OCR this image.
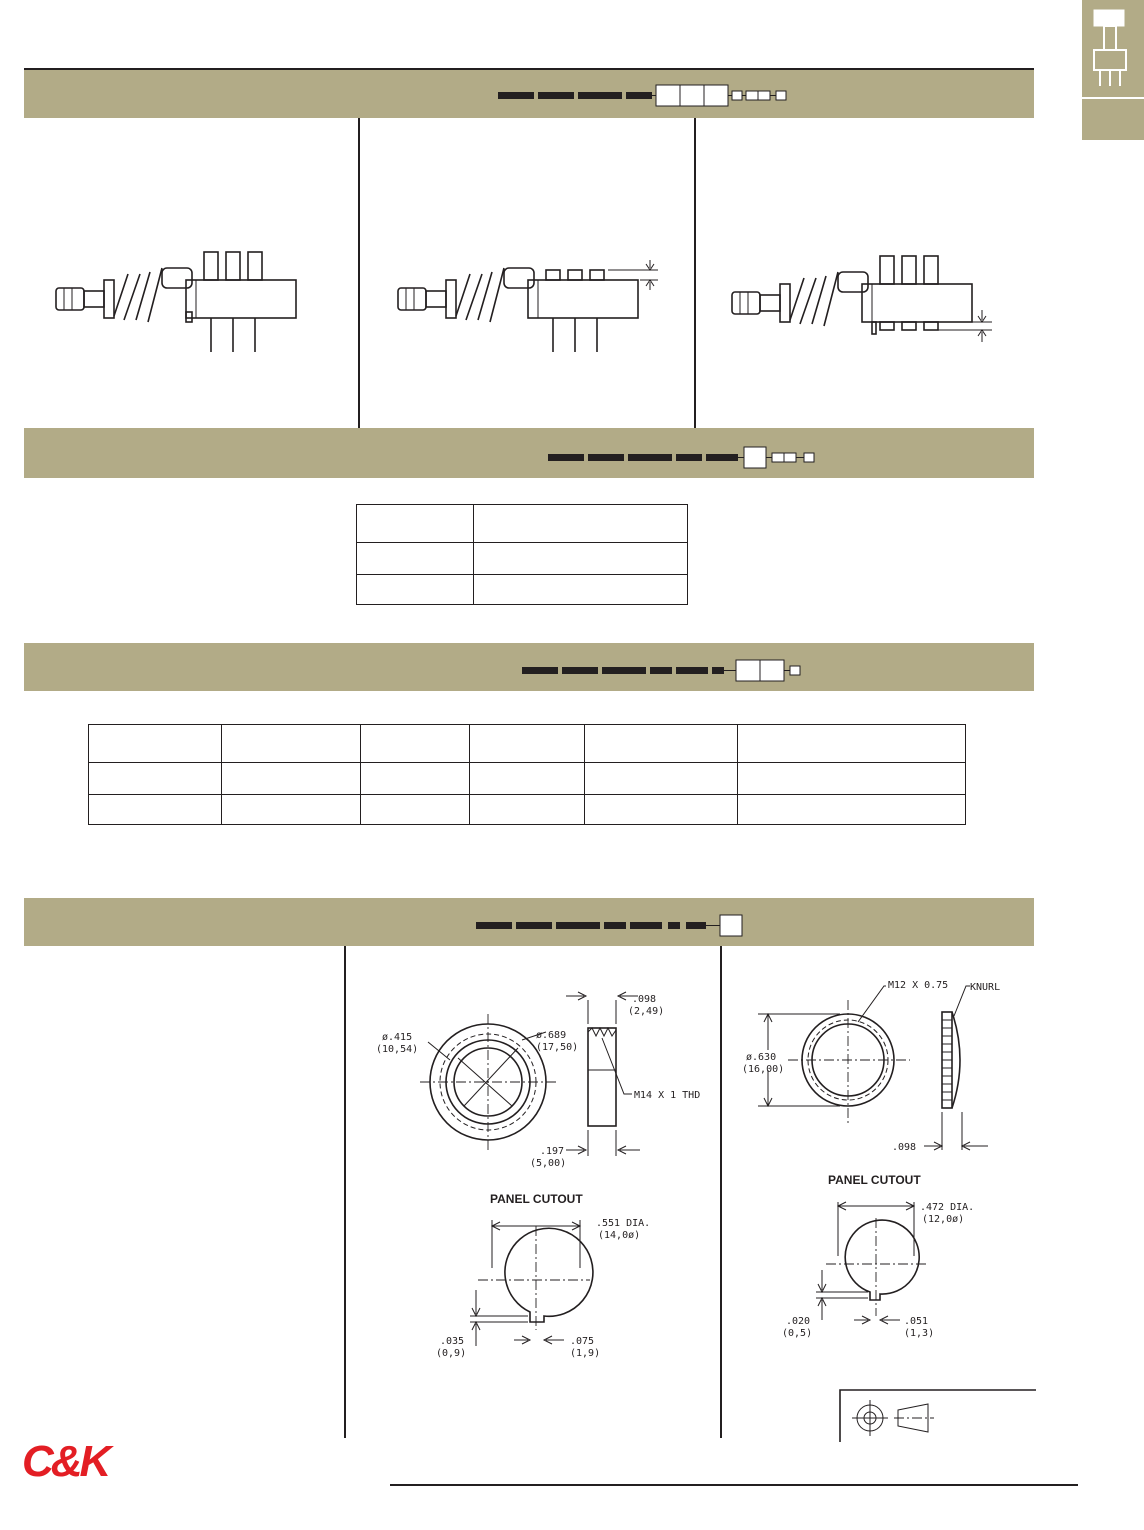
ø.415
(10,54)
ø.689
(17,50)
.098
(2,49)
M14 X 1 THD
.197
(5,00)
PANEL CUTOUT
.551 DIA.
(14,0ø)
.035
(0,9)
.075
(1,9)
M12 X 0.75
ø.630
(16,00)
KNURL
.098
PANEL CUTOUT
.472 DIA.
(12,0ø)
.020
(0,5)
.051
(1,3)
C&K
